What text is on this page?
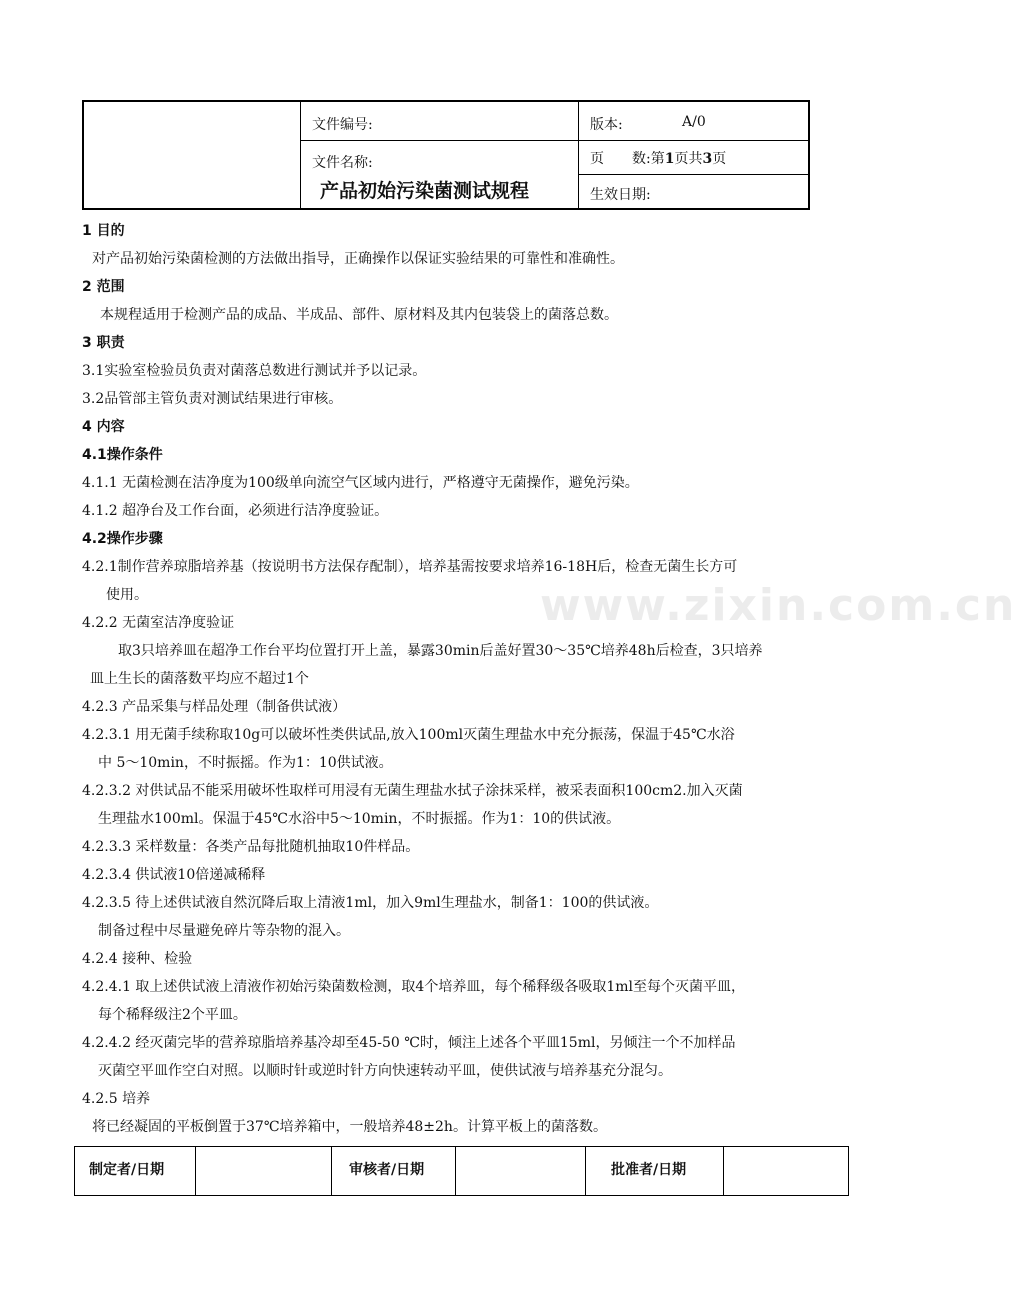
www.zixin.com.cn
文件编号:	版本:	A/0
文件名称:
产品初始污染菌测试规程
页　　数:第1页共3页
生效日期:
1 目的
对产品初始污染菌检测的方法做出指导，正确操作以保证实验结果的可靠性和准确性。
2 范围
本规程适用于检测产品的成品、半成品、部件、原材料及其内包装袋上的菌落总数。
3 职责
3.1实验室检验员负责对菌落总数进行测试并予以记录。
3.2品管部主管负责对测试结果进行审核。
4 内容
4.1操作条件
4.1.1 无菌检测在洁净度为100级单向流空气区域内进行，严格遵守无菌操作，避免污染。
4.1.2 超净台及工作台面，必须进行洁净度验证。
4.2操作步骤
4.2.1制作营养琼脂培养基（按说明书方法保存配制），培养基需按要求培养16-18H后，检查无菌生长方可
使用。
4.2.2 无菌室洁净度验证
取3只培养皿在超净工作台平均位置打开上盖，暴露30min后盖好置30～35℃培养48h后检查，3只培养
皿上生长的菌落数平均应不超过1个
4.2.3 产品采集与样品处理（制备供试液）
4.2.3.1 用无菌手续称取10g可以破坏性类供试品,放入100ml灭菌生理盐水中充分振荡，保温于45℃水浴
中 5～10min，不时振摇。作为1：10供试液。
4.2.3.2 对供试品不能采用破坏性取样可用浸有无菌生理盐水拭子涂抹采样，被采表面积100cm2.加入灭菌
生理盐水100ml。保温于45℃水浴中5～10min，不时振摇。作为1：10的供试液。
4.2.3.3 采样数量：各类产品每批随机抽取10件样品。
4.2.3.4 供试液10倍递减稀释
4.2.3.5 待上述供试液自然沉降后取上清液1ml，加入9ml生理盐水，制备1：100的供试液。
制备过程中尽量避免碎片等杂物的混入。
4.2.4 接种、检验
4.2.4.1 取上述供试液上清液作初始污染菌数检测，取4个培养皿，每个稀释级各吸取1ml至每个灭菌平皿，
每个稀释级注2个平皿。
4.2.4.2 经灭菌完毕的营养琼脂培养基冷却至45-50 ℃时，倾注上述各个平皿15ml，另倾注一个不加样品
灭菌空平皿作空白对照。以顺时针或逆时针方向快速转动平皿，使供试液与培养基充分混匀。
4.2.5 培养
将已经凝固的平板倒置于37℃培养箱中，一般培养48±2h。计算平板上的菌落数。
制定者/日期	审核者/日期	批准者/日期
